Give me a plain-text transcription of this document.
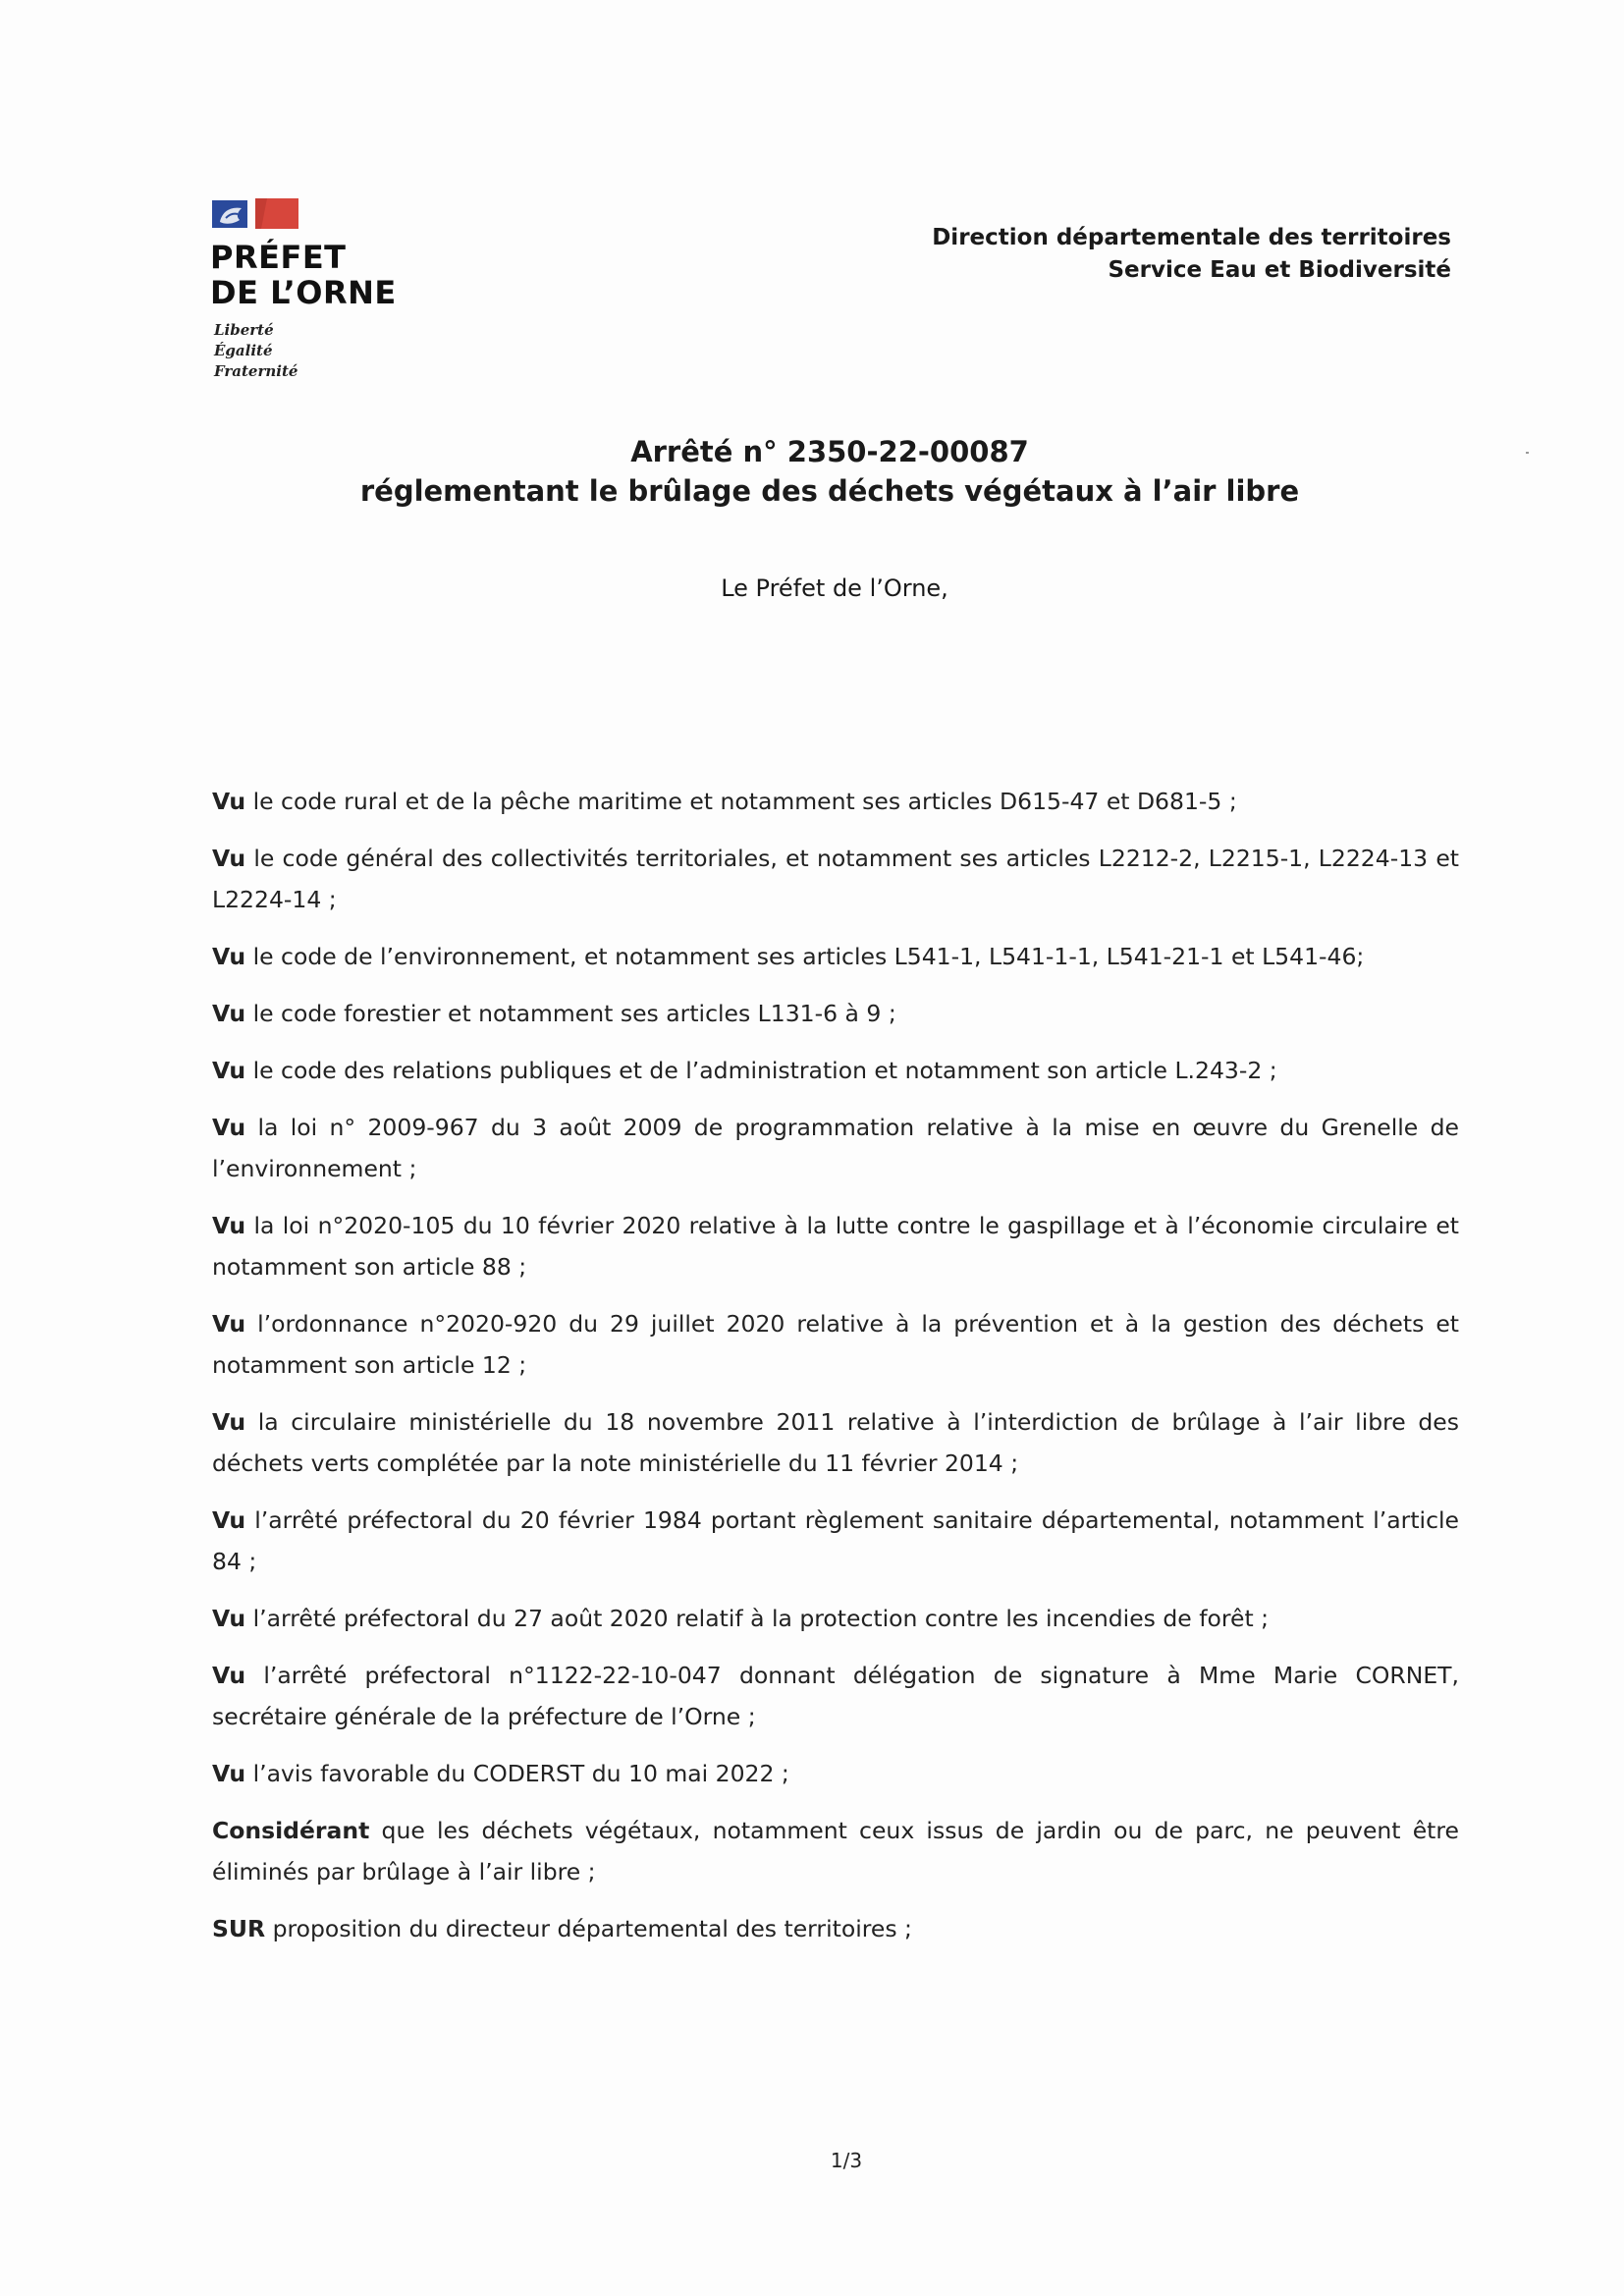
PRÉFET
DE L’ORNE
Liberté
Égalité
Fraternité
Direction départementale des territoires
Service Eau et Biodiversité
Arrêté n° 2350-22-00087
réglementant le brûlage des déchets végétaux à l’air libre
Le Préfet de l’Orne,

Vu le code rural et de la pêche maritime et notamment ses articles D615-47 et D681-5 ;

Vu le code général des collectivités territoriales, et notamment ses articles L2212-2, L2215-1, L2224-13 et L2224-14 ;

Vu le code de l’environnement, et notamment ses articles L541-1, L541-1-1, L541-21-1 et L541-46;

Vu le code forestier et notamment ses articles L131-6 à 9 ;

Vu le code des relations publiques et de l’administration et notamment son article L.243-2 ;

Vu la loi n° 2009-967 du 3 août 2009 de programmation relative à la mise en œuvre du Grenelle de l’environnement ;

Vu la loi n°2020-105 du 10 février 2020 relative à la lutte contre le gaspillage et à l’économie circulaire et notamment son article 88 ;

Vu l’ordonnance n°2020-920 du 29 juillet 2020 relative à la prévention et à la gestion des déchets et notamment son article 12 ;

Vu la circulaire ministérielle du 18 novembre 2011 relative à l’interdiction de brûlage à l’air libre des déchets verts complétée par la note ministérielle du 11 février 2014 ;

Vu l’arrêté préfectoral du 20 février 1984 portant règlement sanitaire départemental, notamment l’article 84 ;

Vu l’arrêté préfectoral du 27 août 2020 relatif à la protection contre les incendies de forêt ;

Vu l’arrêté préfectoral n°1122-22-10-047 donnant délégation de signature à Mme Marie CORNET, secrétaire générale de la préfecture de l’Orne ;

Vu l’avis favorable du CODERST du 10 mai 2022 ;

Considérant que les déchets végétaux, notamment ceux issus de jardin ou de parc, ne peuvent être éliminés par brûlage à l’air libre ;

SUR proposition du directeur départemental des territoires ;

1/3
